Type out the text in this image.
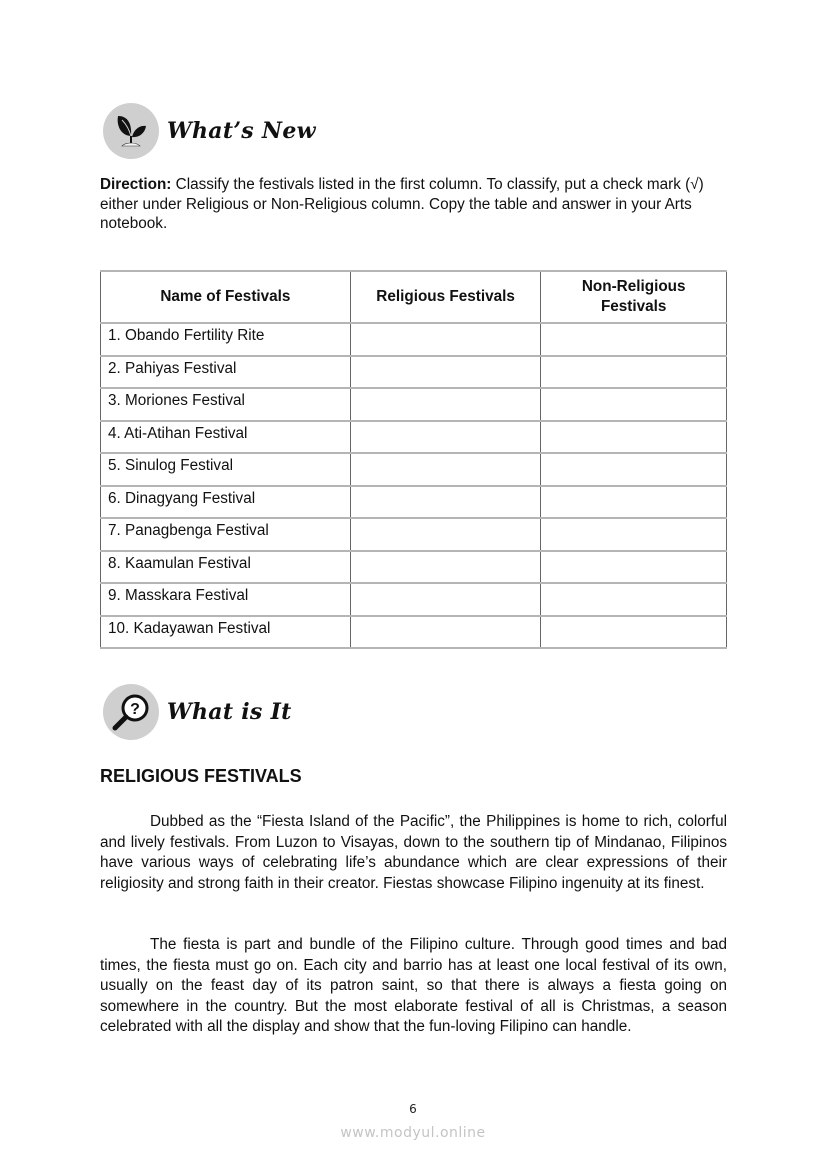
What’s New
Direction: Classify the festivals listed in the first column. To classify, put a check mark (√) either under Religious or Non-Religious column. Copy the table and answer in your Arts notebook.
Name of Festivals	Religious Festivals	Non-Religious Festivals
1. Obando Fertility Rite		
2. Pahiyas Festival		
3. Moriones Festival		
4. Ati-Atihan Festival		
5. Sinulog Festival		
6. Dinagyang Festival		
7. Panagbenga Festival		
8. Kaamulan Festival		
9. Masskara Festival		
10. Kadayawan Festival		
? What is It
RELIGIOUS FESTIVALS

Dubbed as the “Fiesta Island of the Pacific”, the Philippines is home to rich, colorful and lively festivals. From Luzon to Visayas, down to the southern tip of Mindanao, Filipinos have various ways of celebrating life’s abundance which are clear expressions of their religiosity and strong faith in their creator. Fiestas showcase Filipino ingenuity at its finest.

The fiesta is part and bundle of the Filipino culture. Through good times and bad times, the fiesta must go on. Each city and barrio has at least one local festival of its own, usually on the feast day of its patron saint, so that there is always a fiesta going on somewhere in the country. But the most elaborate festival of all is Christmas, a season celebrated with all the display and show that the fun-loving Filipino can handle.

6
www.modyul.online
